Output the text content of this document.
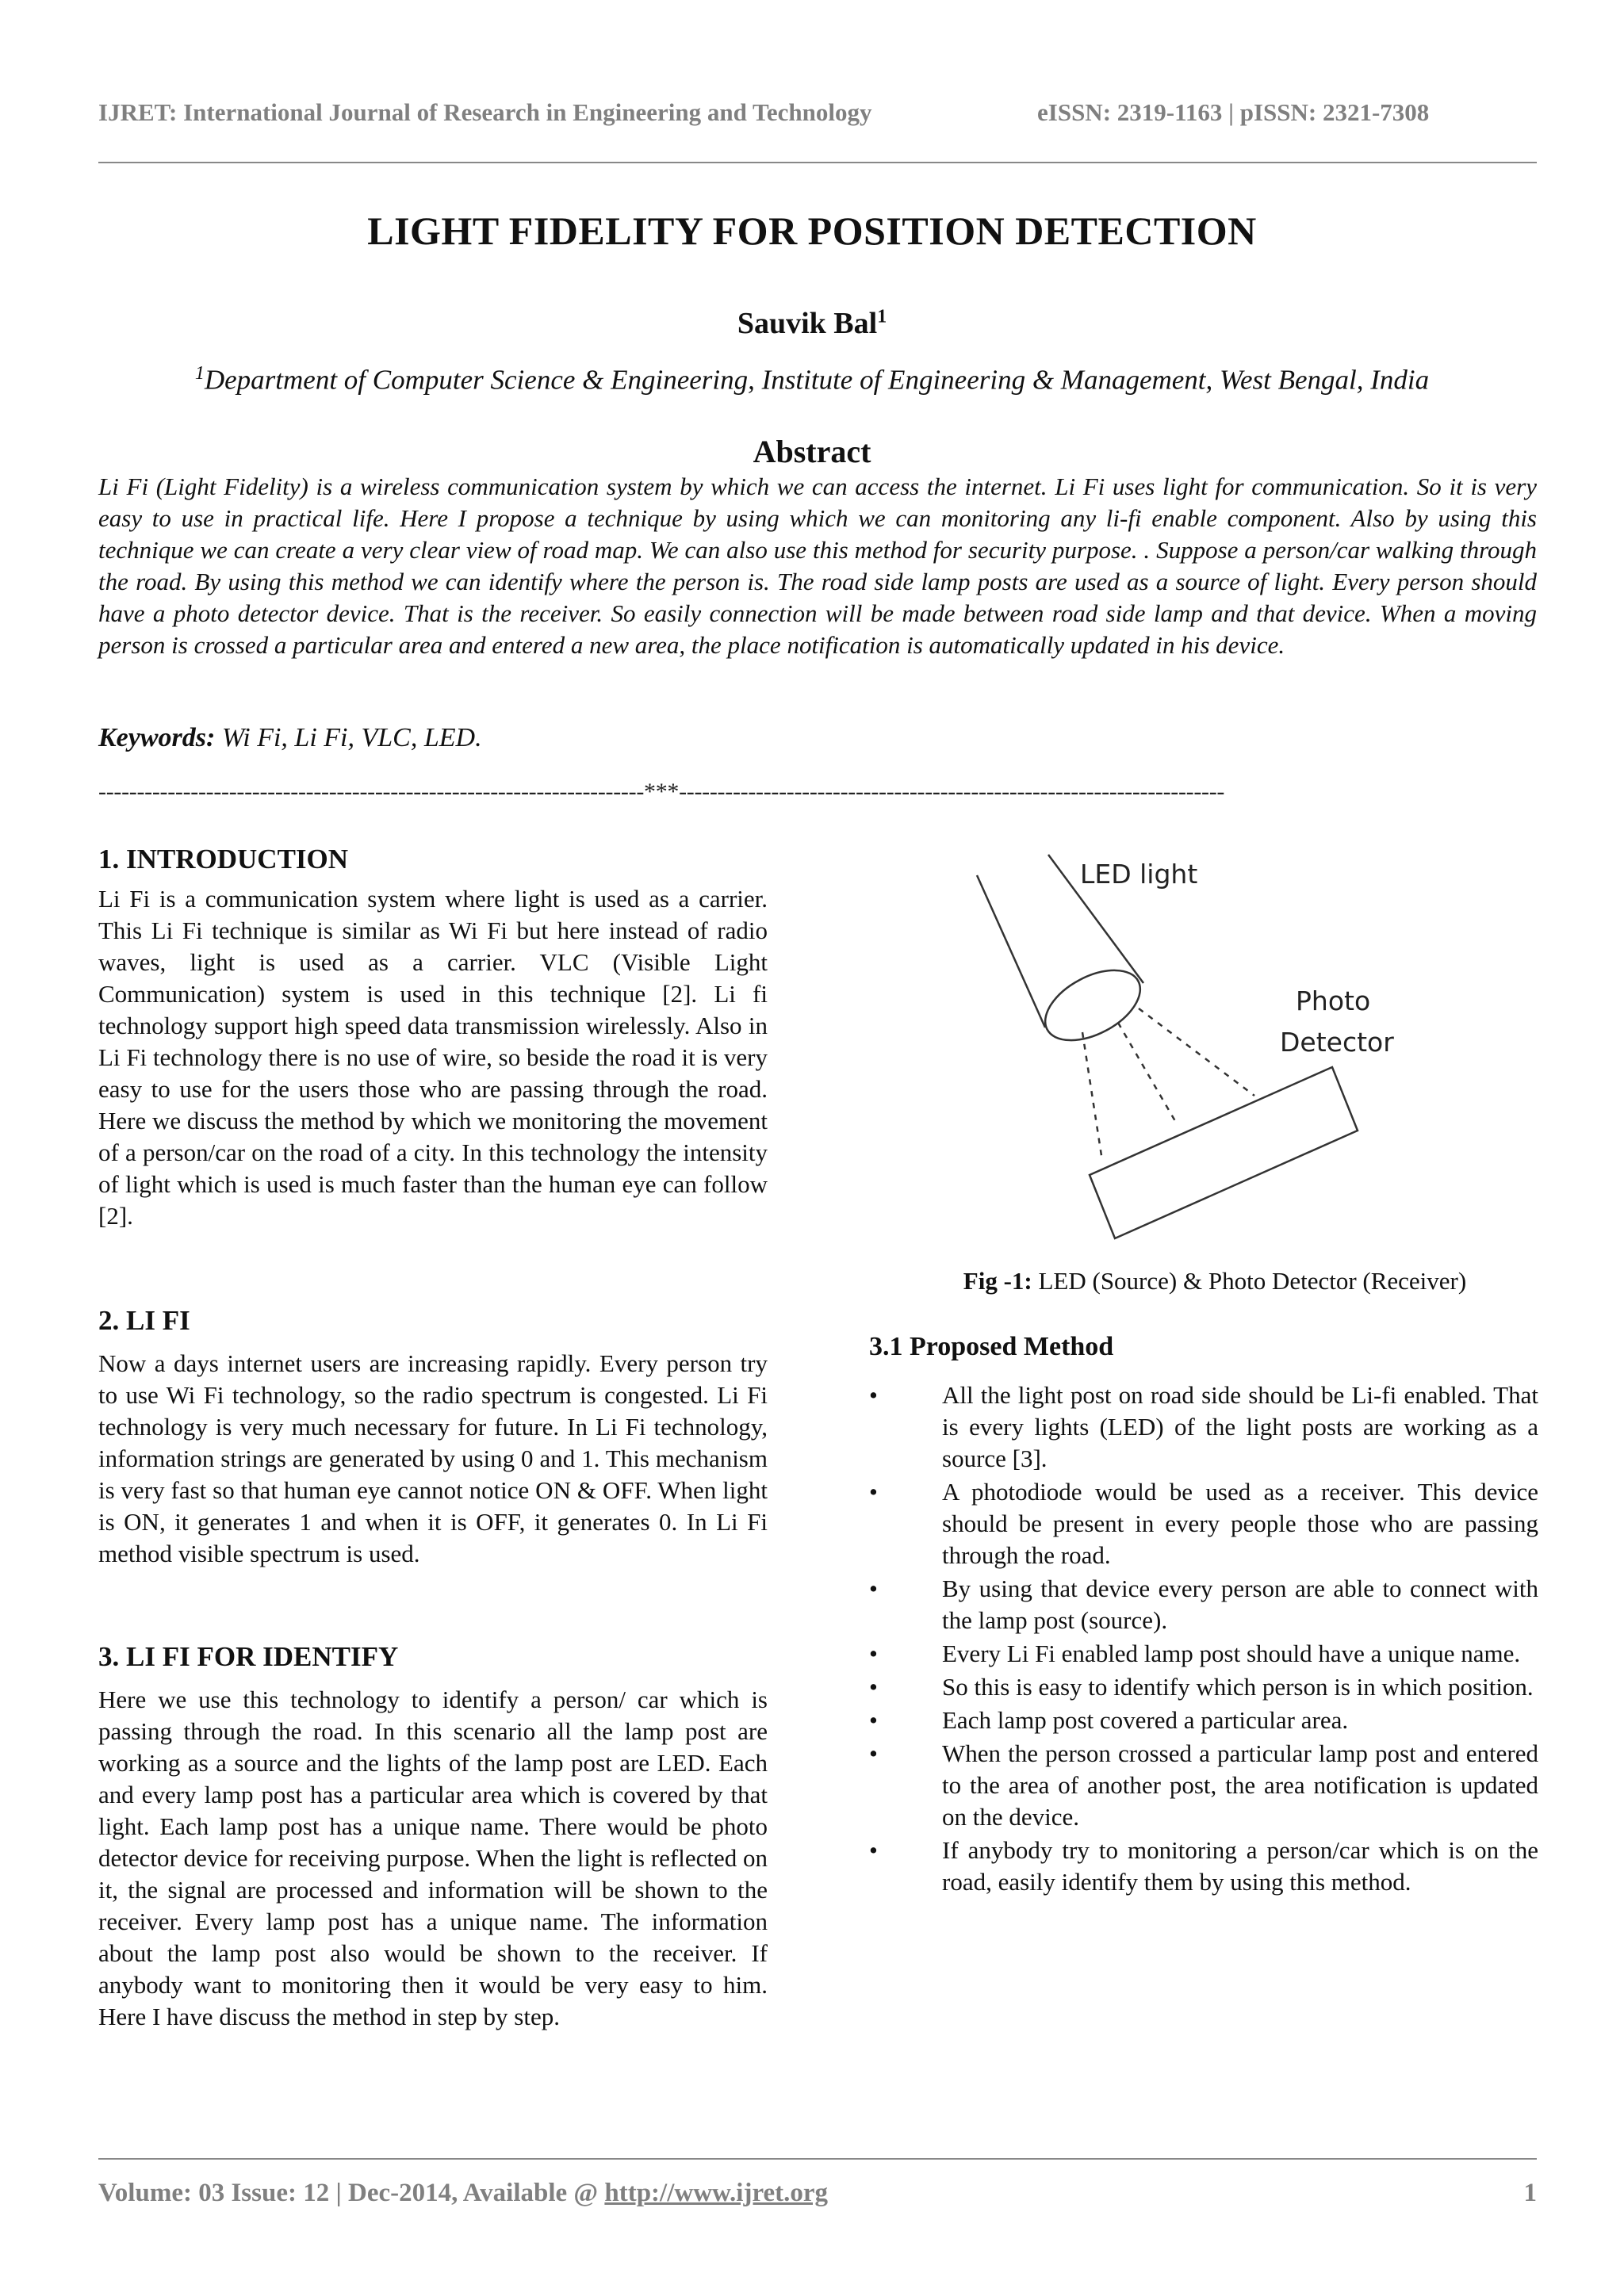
IJRET: International Journal of Research in Engineering and Technology	eISSN: 2319-1163 | pISSN: 2321-7308
LIGHT FIDELITY FOR POSITION DETECTION
Sauvik Bal$^1$
$^1$Department of Computer Science & Engineering, Institute of Engineering & Management, West Bengal, India
Abstract
Li Fi (Light Fidelity) is a wireless communication system by which we can access the internet. Li Fi uses light for communication. So it is very easy to use in practical life. Here I propose a technique by using which we can monitoring any li-fi enable component. Also by using this technique we can create a very clear view of road map. We can also use this method for security purpose. . Suppose a person/car walking through the road. By using this method we can identify where the person is. The road side lamp posts are used as a source of light. Every person should have a photo detector device. That is the receiver. So easily connection will be made between road side lamp and that device. When a moving person is crossed a particular area and entered a new area, the place notification is automatically updated in his device.
Keywords: Wi Fi, Li Fi, VLC, LED.
-----------------------------------------------------------------------***-----------------------------------------------------------------------
1. INTRODUCTION
Li Fi is a communication system where light is used as a carrier. This Li Fi technique is similar as Wi Fi but here instead of radio waves, light is used as a carrier. VLC (Visible Light Communication) system is used in this technique [2]. Li fi technology support high speed data transmission wirelessly. Also in Li Fi technology there is no use of wire, so beside the road it is very easy to use for the users those who are passing through the road. Here we discuss the method by which we monitoring the movement of a person/car on the road of a city. In this technology the intensity of light which is used is much faster than the human eye can follow [2].
2. LI FI
Now a days internet users are increasing rapidly. Every person try to use Wi Fi technology, so the radio spectrum is congested. Li Fi technology is very much necessary for future. In Li Fi technology, information strings are generated by using 0 and 1. This mechanism is very fast so that human eye cannot notice ON & OFF. When light is ON, it generates 1 and when it is OFF, it generates 0. In Li Fi method visible spectrum is used.
3. LI FI FOR IDENTIFY
Here we use this technology to identify a person/ car which is passing through the road. In this scenario all the lamp post are working as a source and the lights of the lamp post are LED. Each and every lamp post has a particular area which is covered by that light. Each lamp post has a unique name. There would be photo detector device for receiving purpose. When the light is reflected on it, the signal are processed and information will be shown to the receiver. Every lamp post has a unique name. The information about the lamp post also would be shown to the receiver. If anybody want to monitoring then it would be very easy to him. Here I have discuss the method in step by step.
LED light
Photo
Detector
Fig -1: LED (Source) & Photo Detector (Receiver)
3.1 Proposed Method
•	All the light post on road side should be Li-fi enabled. That is every lights (LED) of the light posts are working as a source [3].
•	A photodiode would be used as a receiver. This device should be present in every people those who are passing through the road.
•	By using that device every person are able to connect with the lamp post (source).
•	Every Li Fi enabled lamp post should have a unique name.
•	So this is easy to identify which person is in which position.
•	Each lamp post covered a particular area.
•	When the person crossed a particular lamp post and entered to the area of another post, the area notification is updated on the device.
•	If anybody try to monitoring a person/car which is on the road, easily identify them by using this method.
Volume: 03 Issue: 12 | Dec-2014, Available @ http://www.ijret.org	1
